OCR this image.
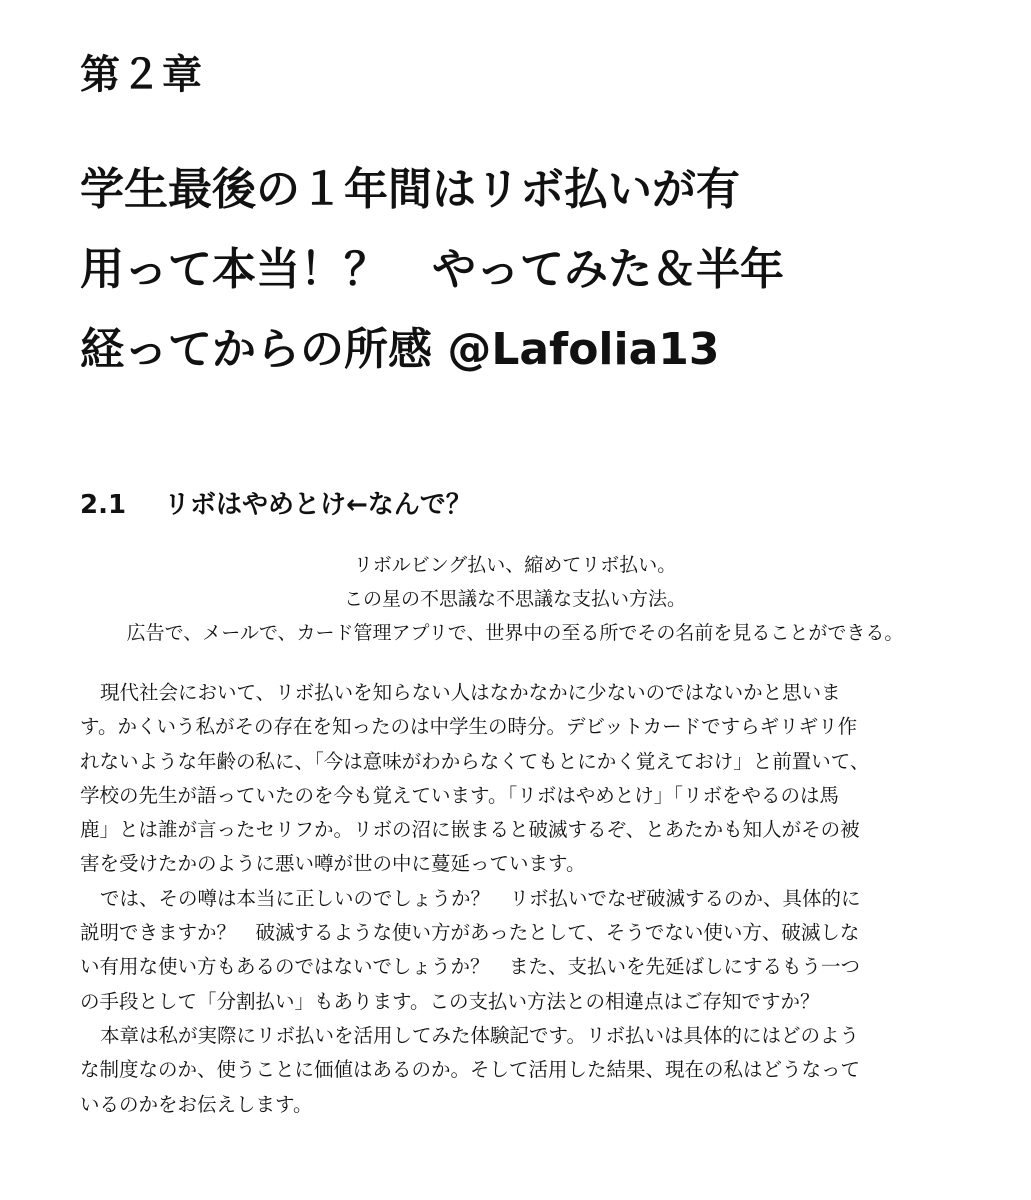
第２章
学生最後の１年間はリボ払いが有
用って本当！？　やってみた＆半年
経ってからの所感 @Lafolia13
2.1 リボはやめとけ←なんで？
リボルビング払い、縮めてリボ払い。
この星の不思議な不思議な支払い方法。
広告で、メールで、カード管理アプリで、世界中の至る所でその名前を見ることができる。

現代社会において、リボ払いを知らない人はなかなかに少ないのではないかと思いま
す。かくいう私がその存在を知ったのは中学生の時分。デビットカードですらギリギリ作
れないような年齢の私に、「今は意味がわからなくてもとにかく覚えておけ」と前置いて、
学校の先生が語っていたのを今も覚えています。「リボはやめとけ」「リボをやるのは馬
鹿」とは誰が言ったセリフか。リボの沼に嵌まると破滅するぞ、とあたかも知人がその被
害を受けたかのように悪い噂が世の中に蔓延っています。

では、その噂は本当に正しいのでしょうか？　リボ払いでなぜ破滅するのか、具体的に
説明できますか？　破滅するような使い方があったとして、そうでない使い方、破滅しな
い有用な使い方もあるのではないでしょうか？　また、支払いを先延ばしにするもう一つ
の手段として「分割払い」もあります。この支払い方法との相違点はご存知ですか？

本章は私が実際にリボ払いを活用してみた体験記です。リボ払いは具体的にはどのよう
な制度なのか、使うことに価値はあるのか。そして活用した結果、現在の私はどうなって
いるのかをお伝えします。
